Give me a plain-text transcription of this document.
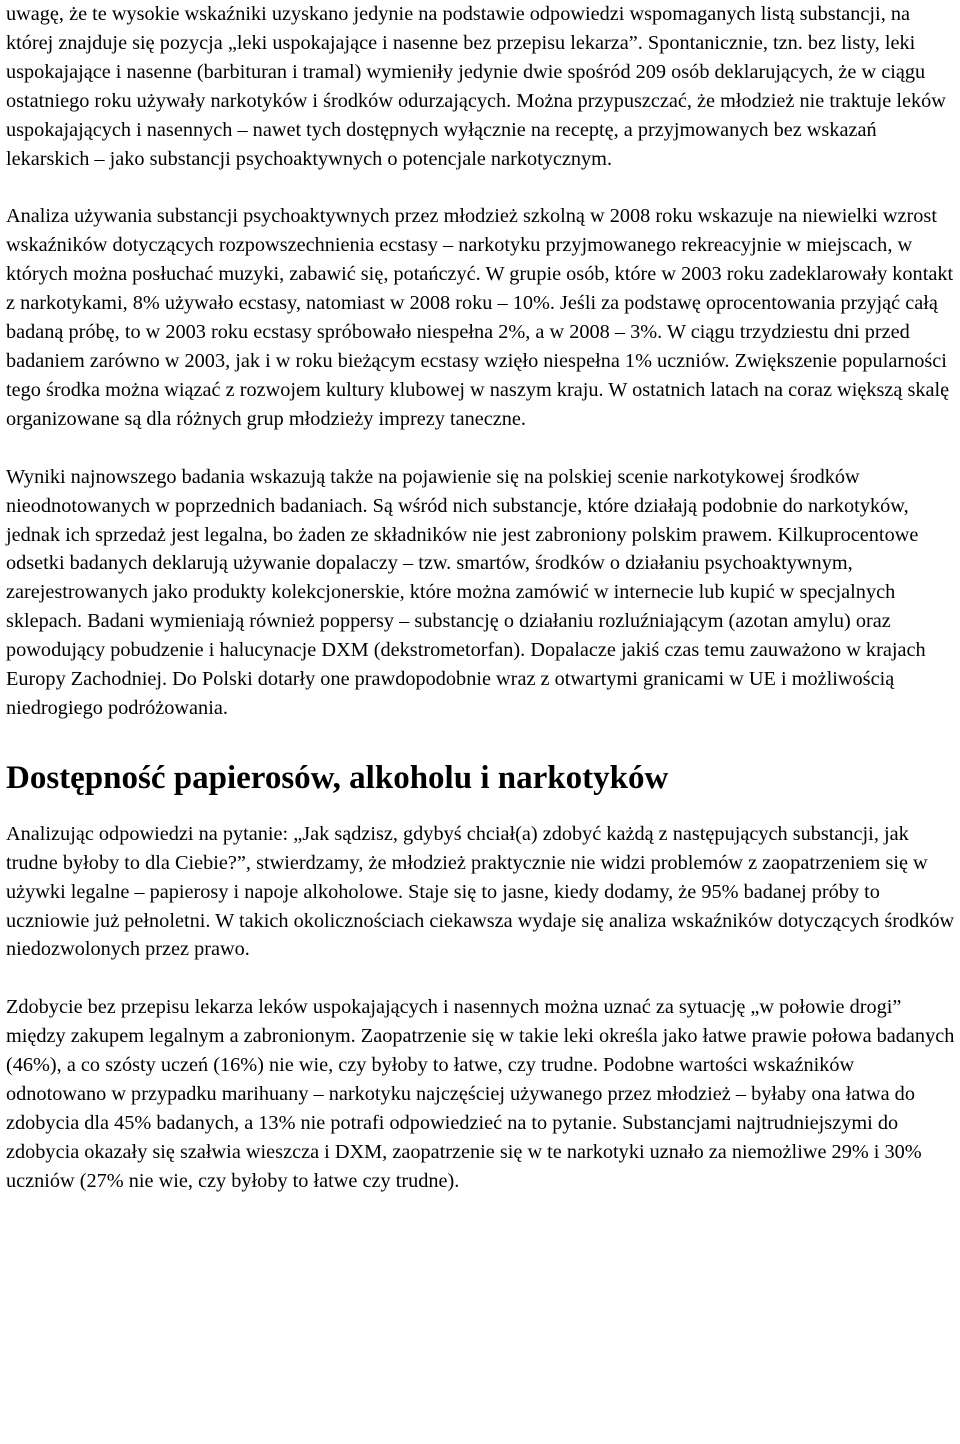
uwagę, że te wysokie wskaźniki uzyskano jedynie na podstawie odpowiedzi wspomaganych listą substancji, na której znajduje się pozycja „leki uspokajające i nasenne bez przepisu lekarza”. Spontanicznie, tzn. bez listy, leki uspokajające i nasenne (barbituran i tramal) wymieniły jedynie dwie spośród 209 osób deklarujących, że w ciągu ostatniego roku używały narkotyków i środków odurzających. Można przypuszczać, że młodzież nie traktuje leków uspokajających i nasennych – nawet tych dostępnych wyłącznie na receptę, a przyjmowanych bez wskazań lekarskich – jako substancji psychoaktywnych o potencjale narkotycznym.

Analiza używania substancji psychoaktywnych przez młodzież szkolną w 2008 roku wskazuje na niewielki wzrost wskaźników dotyczących rozpowszechnienia ecstasy – narkotyku przyjmowanego rekreacyjnie w miejscach, w których można posłuchać muzyki, zabawić się, potańczyć. W grupie osób, które w 2003 roku zadeklarowały kontakt z narkotykami, 8% używało ecstasy, natomiast w 2008 roku – 10%. Jeśli za podstawę oprocentowania przyjąć całą badaną próbę, to w 2003 roku ecstasy spróbowało niespełna 2%, a w 2008 – 3%. W ciągu trzydziestu dni przed badaniem zarówno w 2003, jak i w roku bieżącym ecstasy wzięło niespełna 1% uczniów. Zwiększenie popularności tego środka można wiązać z rozwojem kultury klubowej w naszym kraju. W ostatnich latach na coraz większą skalę organizowane są dla różnych grup młodzieży imprezy taneczne.

Wyniki najnowszego badania wskazują także na pojawienie się na polskiej scenie narkotykowej środków nieodnotowanych w poprzednich badaniach. Są wśród nich substancje, które działają podobnie do narkotyków, jednak ich sprzedaż jest legalna, bo żaden ze składników nie jest zabroniony polskim prawem. Kilkuprocentowe odsetki badanych deklarują używanie dopalaczy – tzw. smartów, środków o działaniu psychoaktywnym, zarejestrowanych jako produkty kolekcjonerskie, które można zamówić w internecie lub kupić w specjalnych sklepach. Badani wymieniają również poppersy – substancję o działaniu rozluźniającym (azotan amylu) oraz powodujący pobudzenie i halucynacje DXM (dekstrometorfan). Dopalacze jakiś czas temu zauważono w krajach Europy Zachodniej. Do Polski dotarły one prawdopodobnie wraz z otwartymi granicami w UE i możliwością niedrogiego podróżowania.

Dostępność papierosów, alkoholu i narkotyków

Analizując odpowiedzi na pytanie: „Jak sądzisz, gdybyś chciał(a) zdobyć każdą z następujących substancji, jak trudne byłoby to dla Ciebie?”, stwierdzamy, że młodzież praktycznie nie widzi problemów z zaopatrzeniem się w używki legalne – papierosy i napoje alkoholowe. Staje się to jasne, kiedy dodamy, że 95% badanej próby to uczniowie już pełnoletni. W takich okolicznościach ciekawsza wydaje się analiza wskaźników dotyczących środków niedozwolonych przez prawo.

Zdobycie bez przepisu lekarza leków uspokajających i nasennych można uznać za sytuację „w połowie drogi” między zakupem legalnym a zabronionym. Zaopatrzenie się w takie leki określa jako łatwe prawie połowa badanych (46%), a co szósty uczeń (16%) nie wie, czy byłoby to łatwe, czy trudne. Podobne wartości wskaźników odnotowano w przypadku marihuany – narkotyku najczęściej używanego przez młodzież – byłaby ona łatwa do zdobycia dla 45% badanych, a 13% nie potrafi odpowiedzieć na to pytanie. Substancjami najtrudniejszymi do zdobycia okazały się szałwia wieszcza i DXM, zaopatrzenie się w te narkotyki uznało za niemożliwe 29% i 30% uczniów (27% nie wie, czy byłoby to łatwe czy trudne).
